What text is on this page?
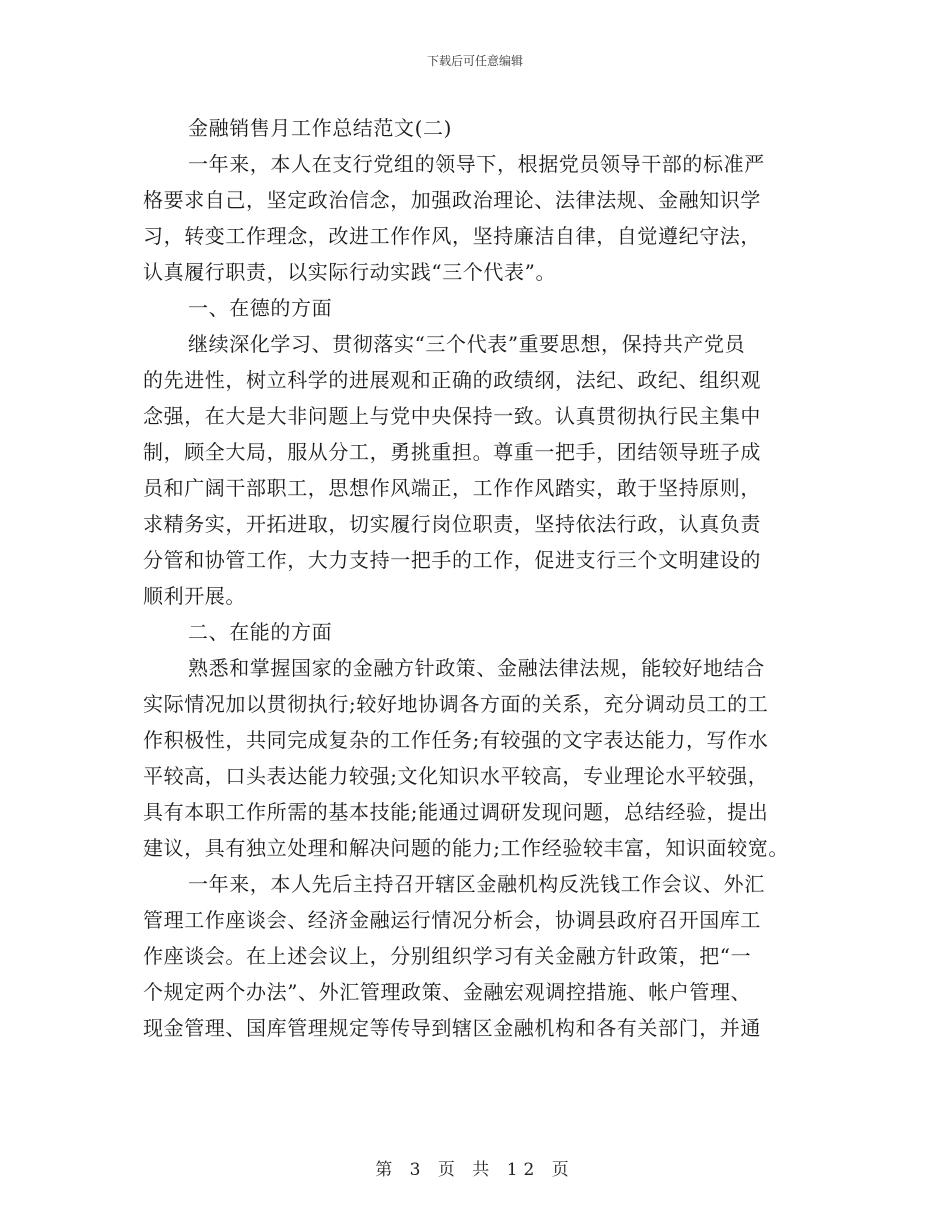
下载后可任意编辑
金融销售月工作总结范文(二)
一年来，本人在支行党组的领导下，根据党员领导干部的标准严
格要求自己，坚定政治信念，加强政治理论、法律法规、金融知识学
习，转变工作理念，改进工作作风，坚持廉洁自律，自觉遵纪守法，
认真履行职责，以实际行动实践“三个代表”。
一、在德的方面
继续深化学习、贯彻落实“三个代表”重要思想，保持共产党员
的先进性，树立科学的进展观和正确的政绩纲，法纪、政纪、组织观
念强，在大是大非问题上与党中央保持一致。认真贯彻执行民主集中
制，顾全大局，服从分工，勇挑重担。尊重一把手，团结领导班子成
员和广阔干部职工，思想作风端正，工作作风踏实，敢于坚持原则，
求精务实，开拓进取，切实履行岗位职责，坚持依法行政，认真负责
分管和协管工作，大力支持一把手的工作，促进支行三个文明建设的
顺利开展。
二、在能的方面
熟悉和掌握国家的金融方针政策、金融法律法规，能较好地结合
实际情况加以贯彻执行;较好地协调各方面的关系，充分调动员工的工
作积极性，共同完成复杂的工作任务;有较强的文字表达能力，写作水
平较高，口头表达能力较强;文化知识水平较高，专业理论水平较强，
具有本职工作所需的基本技能;能通过调研发现问题，总结经验，提出
建议，具有独立处理和解决问题的能力;工作经验较丰富，知识面较宽。
一年来，本人先后主持召开辖区金融机构反洗钱工作会议、外汇
管理工作座谈会、经济金融运行情况分析会，协调县政府召开国库工
作座谈会。在上述会议上，分别组织学习有关金融方针政策，把“一
个规定两个办法”、外汇管理政策、金融宏观调控措施、帐户管理、
现金管理、国库管理规定等传导到辖区金融机构和各有关部门，并通
第 3 页 共 12 页
